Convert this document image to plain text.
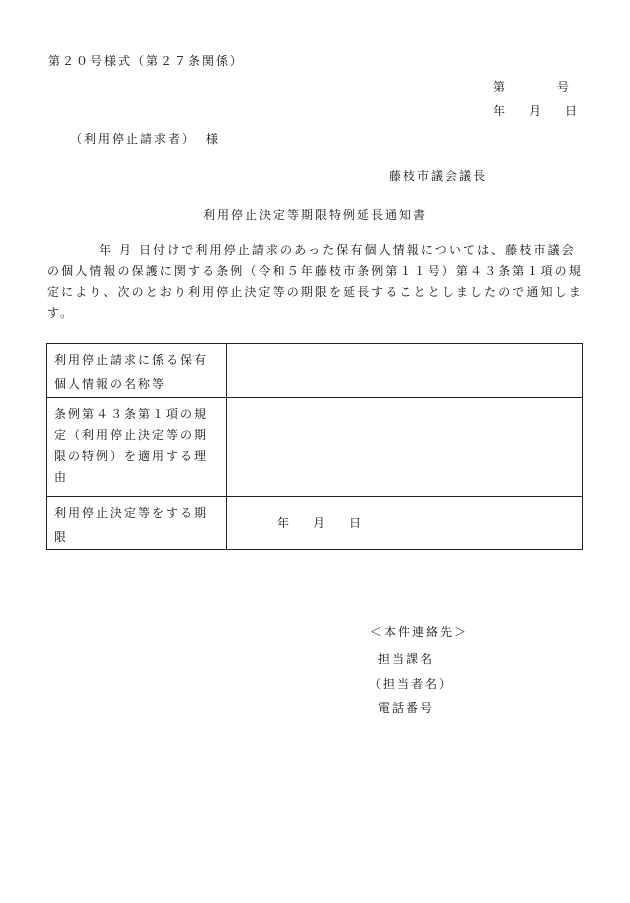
第２０号様式（第２７条関係）
第	号
年 月 日
（利用停止請求者） 様
藤枝市議会議長
利用停止決定等期限特例延長通知書
年 月 日付けで利用停止請求のあった保有個人情報については、藤枝市議会の個人情報の保護に関する条例（令和５年藤枝市条例第１１号）第４３条第１項の規定により、次のとおり利用停止決定等の期限を延長することとしましたので通知します。
利用停止請求に係る保有個人情報の名称等	
条例第４３条第１項の規定（利用停止決定等の期限の特例）を適用する理由	
利用停止決定等をする期限	年 月 日
＜本件連絡先＞
担当課名
（担当者名）
電話番号
